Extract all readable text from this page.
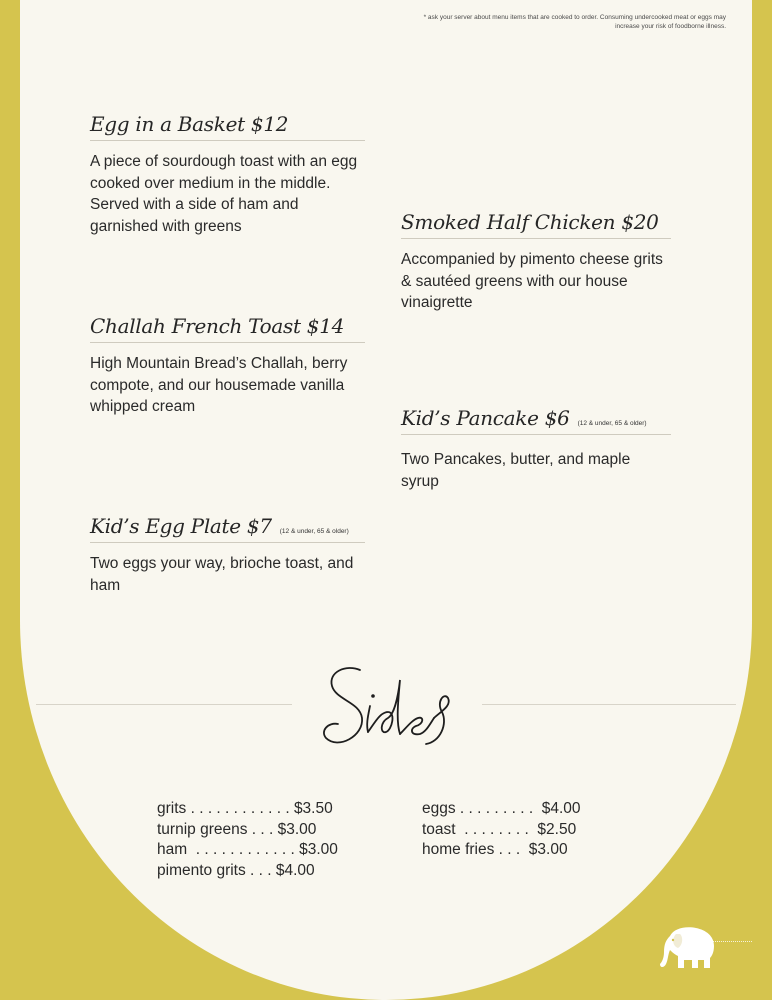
* ask your server about menu items that are cooked to order. Consuming undercooked meat or eggs may increase your risk of foodborne illness.
Egg in a Basket $12
A piece of sourdough toast with an egg cooked over medium in the middle. Served with a side of ham and garnished with greens
Challah French Toast $14
High Mountain Bread’s Challah, berry compote, and our housemade vanilla whipped cream
Kid’s Egg Plate $7 (12 & under, 65 & older)
Two eggs your way, brioche toast, and ham
Smoked Half Chicken $20
Accompanied by pimento cheese grits & sautéed greens with our house vinaigrette
Kid’s Pancake $6 (12 & under, 65 & older)
Two Pancakes, butter, and maple syrup
grits . . . . . . . . . . . . $3.50
turnip greens . . . $3.00
ham  . . . . . . . . . . . . $3.00
pimento grits . . . $4.00
eggs . . . . . . . . .  $4.00
toast  . . . . . . . .  $2.50
home fries . . .  $3.00
